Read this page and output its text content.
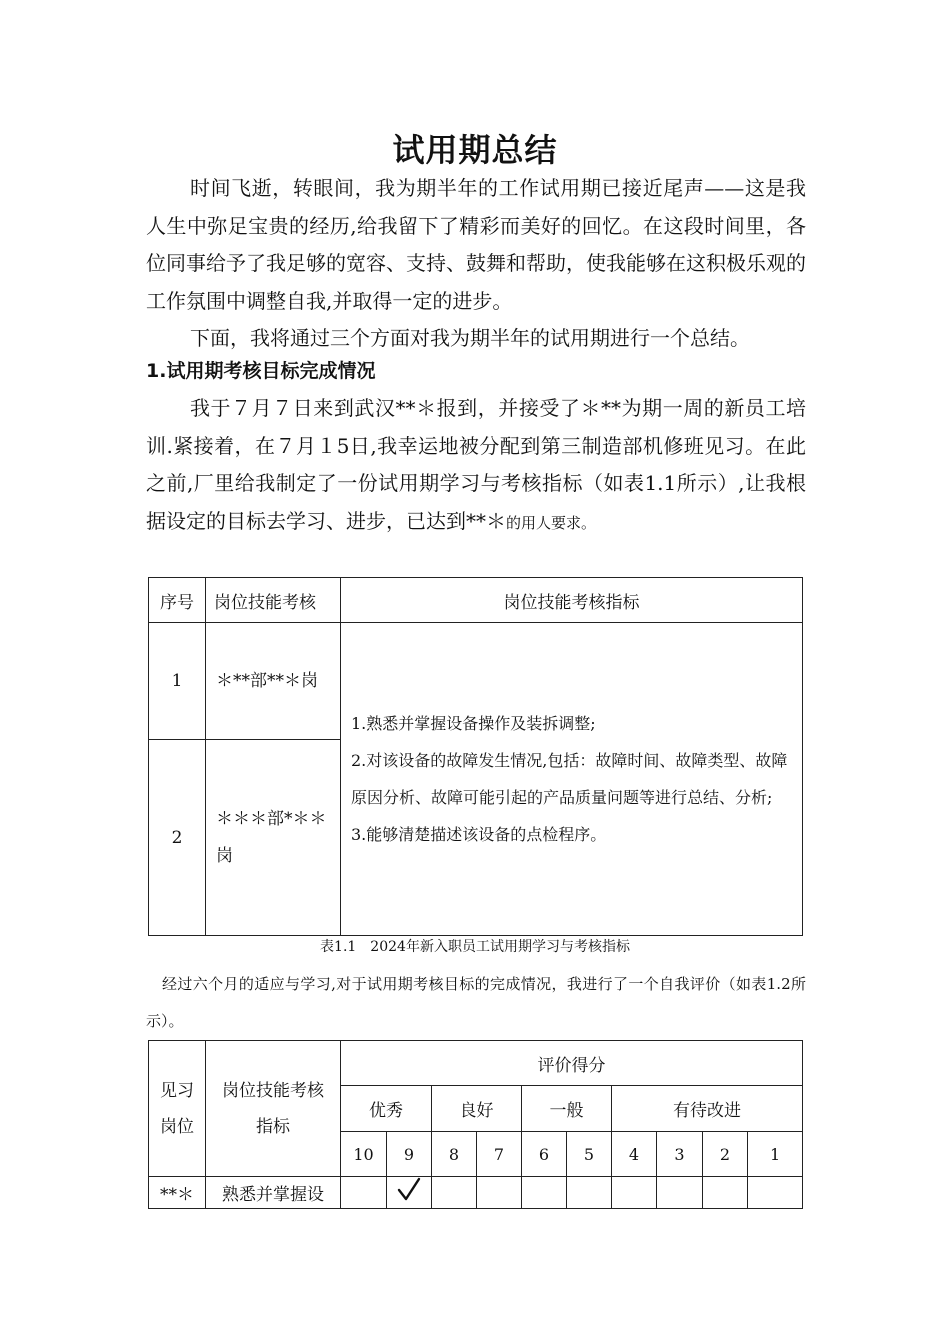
试用期总结

时间飞逝，转眼间，我为期半年的工作试用期已接近尾声——这是我人生中弥足宝贵的经历,给我留下了精彩而美好的回忆。在这段时间里，各位同事给予了我足够的宽容、支持、鼓舞和帮助，使我能够在这积极乐观的工作氛围中调整自我,并取得一定的进步。

下面，我将通过三个方面对我为期半年的试用期进行一个总结。

1.试用期考核目标完成情况

我于７月７日来到武汉**＊报到，并接受了＊**为期一周的新员工培训.紧接着，在７月１5日,我幸运地被分配到第三制造部机修班见习。在此之前,厂里给我制定了一份试用期学习与考核指标（如表1.1所示）,让我根据设定的目标去学习、进步，已达到**＊的用人要求。

序号	岗位技能考核	岗位技能考核指标
1	＊**部**＊岗	1.熟悉并掌握设备操作及装拆调整;
2.对该设备的故障发生情况,包括：故障时间、故障类型、故障原因分析、故障可能引起的产品质量问题等进行总结、分析;
3.能够清楚描述该设备的点检程序。

2	＊＊＊部*＊＊岗	
表1.1　2024年新入职员工试用期学习与考核指标

经过六个月的适应与学习,对于试用期考核目标的完成情况，我进行了一个自我评价（如表1.2所示）。

见习岗位	岗位技能考核指标	评价得分									
		优秀		良好		一般		有待改进			
		10	9	8	7	6	5	4	3	2	1
**＊	熟悉并掌握设										
